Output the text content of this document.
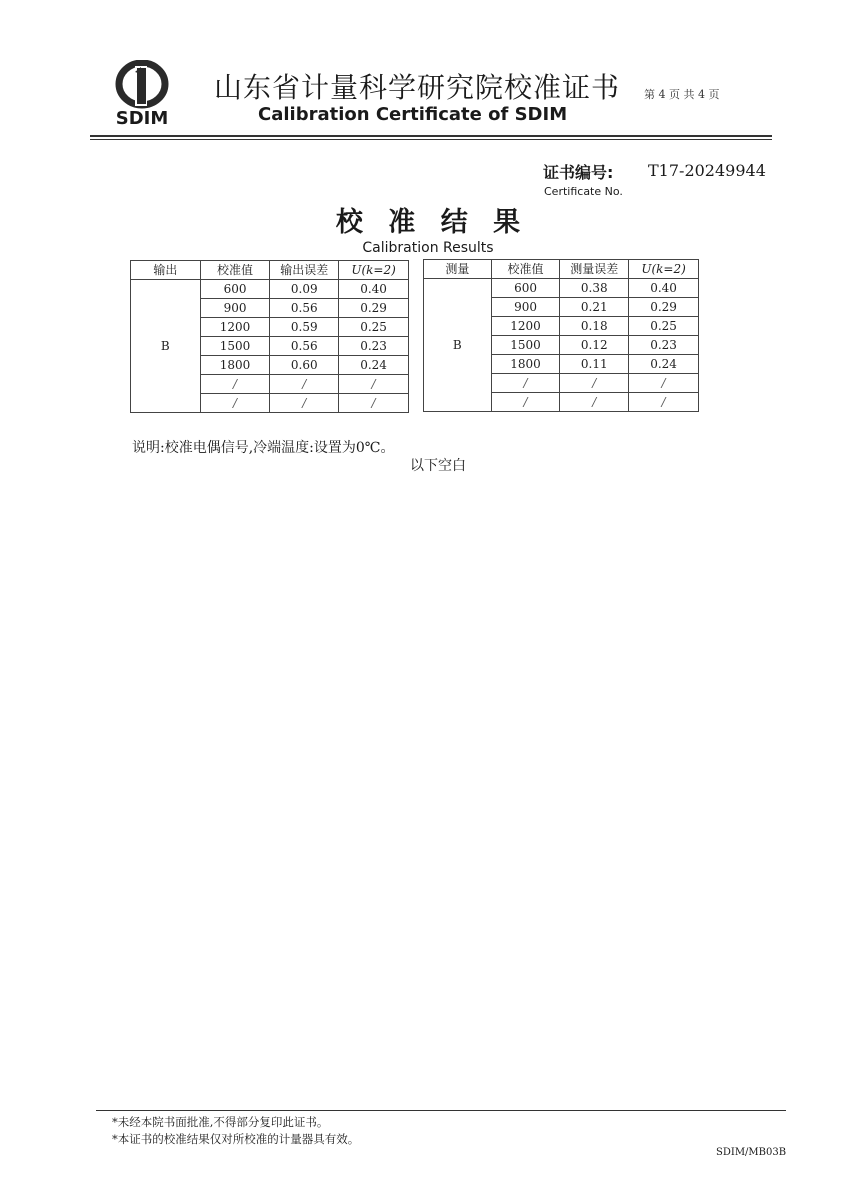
SDIM
山东省计量科学研究院校准证书 第 4 页 共 4 页
Calibration Certificate of SDIM
证书编号: T17-20249944
Certificate No.
校 准 结 果
Calibration Results
输出	校准值	输出误差	U(k=2)
B	600	0.09	0.40
	900	0.56	0.29
	1200	0.59	0.25
	1500	0.56	0.23
	1800	0.60	0.24
	/	/	/
	/	/	/
测量	校准值	测量误差	U(k=2)
B	600	0.38	0.40
	900	0.21	0.29
	1200	0.18	0.25
	1500	0.12	0.23
	1800	0.11	0.24
	/	/	/
	/	/	/
说明:校准电偶信号,冷端温度:设置为0℃。
以下空白
*未经本院书面批准,不得部分复印此证书。
*本证书的校准结果仅对所校准的计量器具有效。
SDIM/MB03B
